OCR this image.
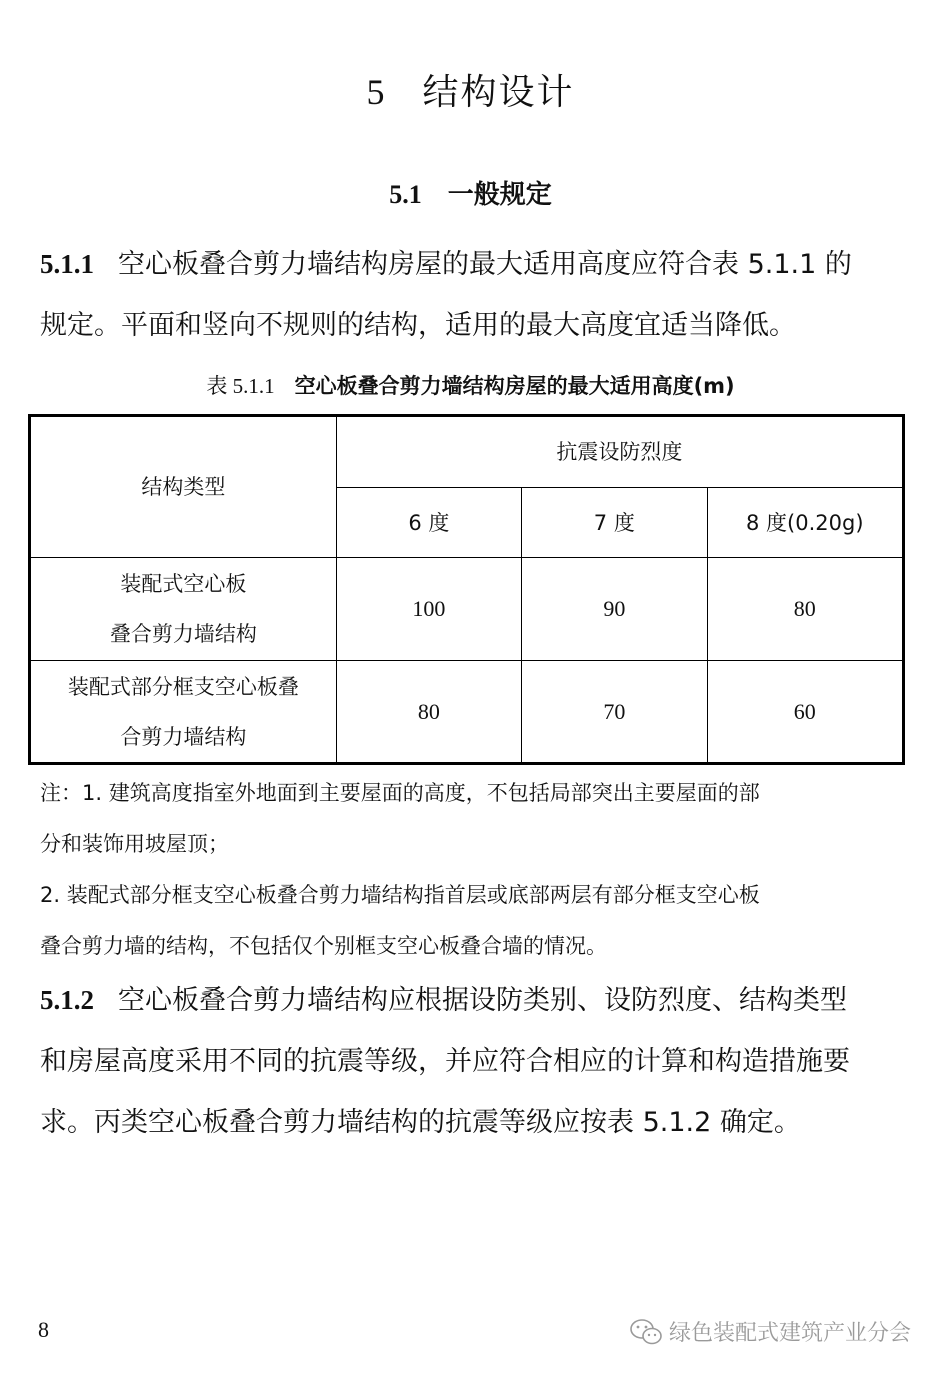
5 结构设计
5.1 一般规定
5.1.1 空心板叠合剪力墙结构房屋的最大适用高度应符合表 5.1.1 的
规定。平面和竖向不规则的结构，适用的最大高度宜适当降低。
表 5.1.1 空心板叠合剪力墙结构房屋的最大适用高度(m)
结构类型	抗震设防烈度		
	6 度	7 度	8 度(0.20g)

装配式空心板
叠合剪力墙结构	100	90	80

装配式部分框支空心板叠
合剪力墙结构	80	70	60
注：1. 建筑高度指室外地面到主要屋面的高度，不包括局部突出主要屋面的部
分和装饰用坡屋顶；
2. 装配式部分框支空心板叠合剪力墙结构指首层或底部两层有部分框支空心板
叠合剪力墙的结构，不包括仅个别框支空心板叠合墙的情况。
5.1.2 空心板叠合剪力墙结构应根据设防类别、设防烈度、结构类型
和房屋高度采用不同的抗震等级，并应符合相应的计算和构造措施要
求。丙类空心板叠合剪力墙结构的抗震等级应按表 5.1.2 确定。
8	绿色装配式建筑产业分会
